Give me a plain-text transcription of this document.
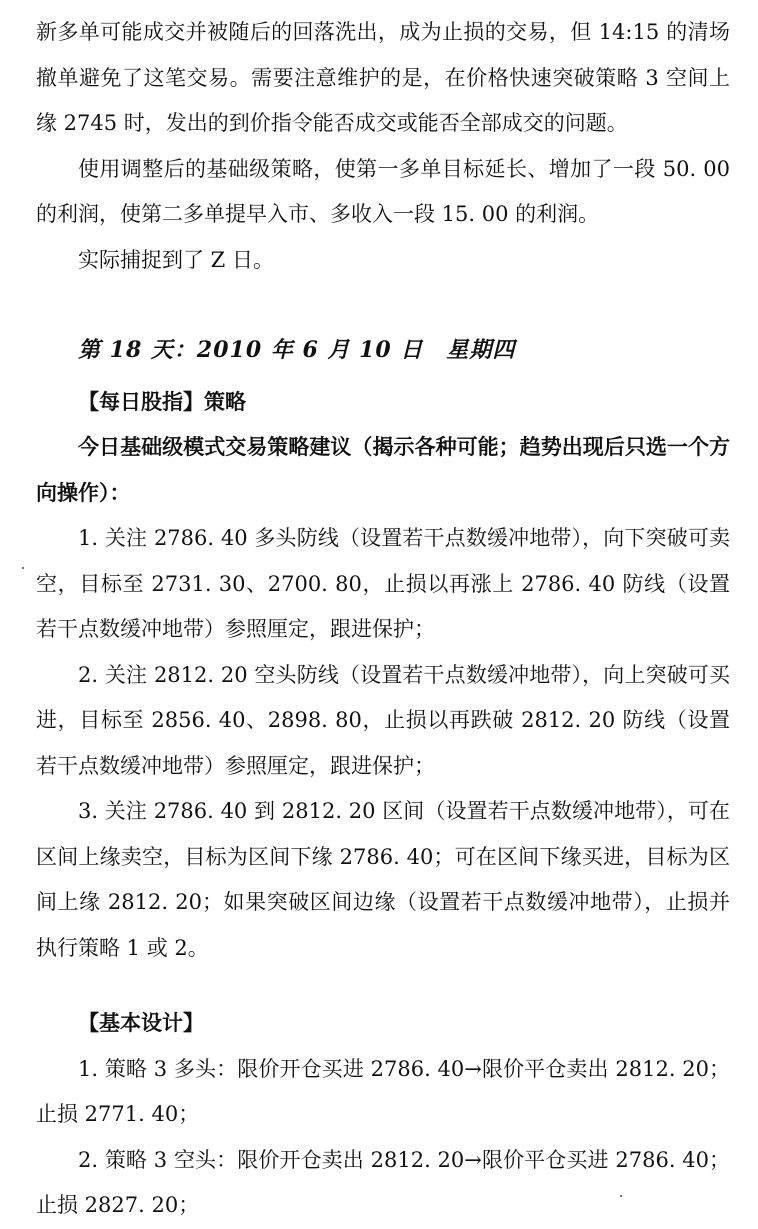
新多单可能成交并被随后的回落洗出，成为止损的交易，但 14:15 的清场撤单避免了这笔交易。需要注意维护的是，在价格快速突破策略 3 空间上缘 2745 时，发出的到价指令能否成交或能否全部成交的问题。

使用调整后的基础级策略，使第一多单目标延长、增加了一段 50. 00 的利润，使第二多单提早入市、多收入一段 15. 00 的利润。

实际捕捉到了 Z 日。

第 18 天：2010 年 6 月 10 日　星期四

【每日股指】策略

今日基础级模式交易策略建议（揭示各种可能；趋势出现后只选一个方向操作）：

1. 关注 2786. 40 多头防线（设置若干点数缓冲地带），向下突破可卖空，目标至 2731. 30、2700. 80，止损以再涨上 2786. 40 防线（设置若干点数缓冲地带）参照厘定，跟进保护；

2. 关注 2812. 20 空头防线（设置若干点数缓冲地带），向上突破可买进，目标至 2856. 40、2898. 80，止损以再跌破 2812. 20 防线（设置若干点数缓冲地带）参照厘定，跟进保护；

3. 关注 2786. 40 到 2812. 20 区间（设置若干点数缓冲地带），可在区间上缘卖空，目标为区间下缘 2786. 40；可在区间下缘买进，目标为区间上缘 2812. 20；如果突破区间边缘（设置若干点数缓冲地带），止损并执行策略 1 或 2。

【基本设计】

1. 策略 3 多头：限价开仓买进 2786. 40→限价平仓卖出 2812. 20；止损 2771. 40；

2. 策略 3 空头：限价开仓卖出 2812. 20→限价平仓买进 2786. 40；止损 2827. 20；
